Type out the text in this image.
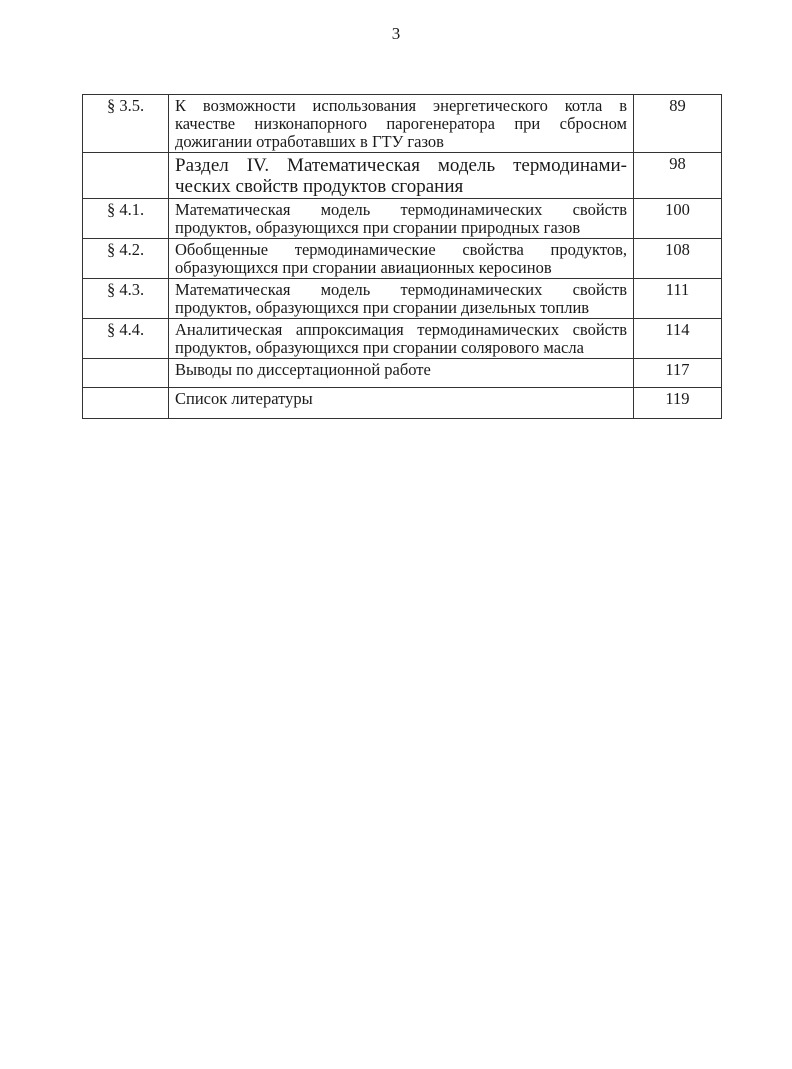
3
§ 3.5.	К возможности использования энергетического котла в качестве низконапорного парогенератора при сбросном дожигании отработавших в ГТУ газов	89
	Раздел IV. Математическая модель термодинами-ческих свойств продуктов сгорания	98
§ 4.1.	Математическая модель термодинамических свойств продуктов, образующихся при сгорании природных газов	100
§ 4.2.	Обобщенные термодинамические свойства продуктов, образующихся при сгорании авиационных керосинов	108
§ 4.3.	Математическая модель термодинамических свойств продуктов, образующихся при сгорании дизельных топлив	111
§ 4.4.	Аналитическая аппроксимация термодинамических свойств продуктов, образующихся при сгорании солярового масла	114
	Выводы по диссертационной работе	117
	Список литературы	119
